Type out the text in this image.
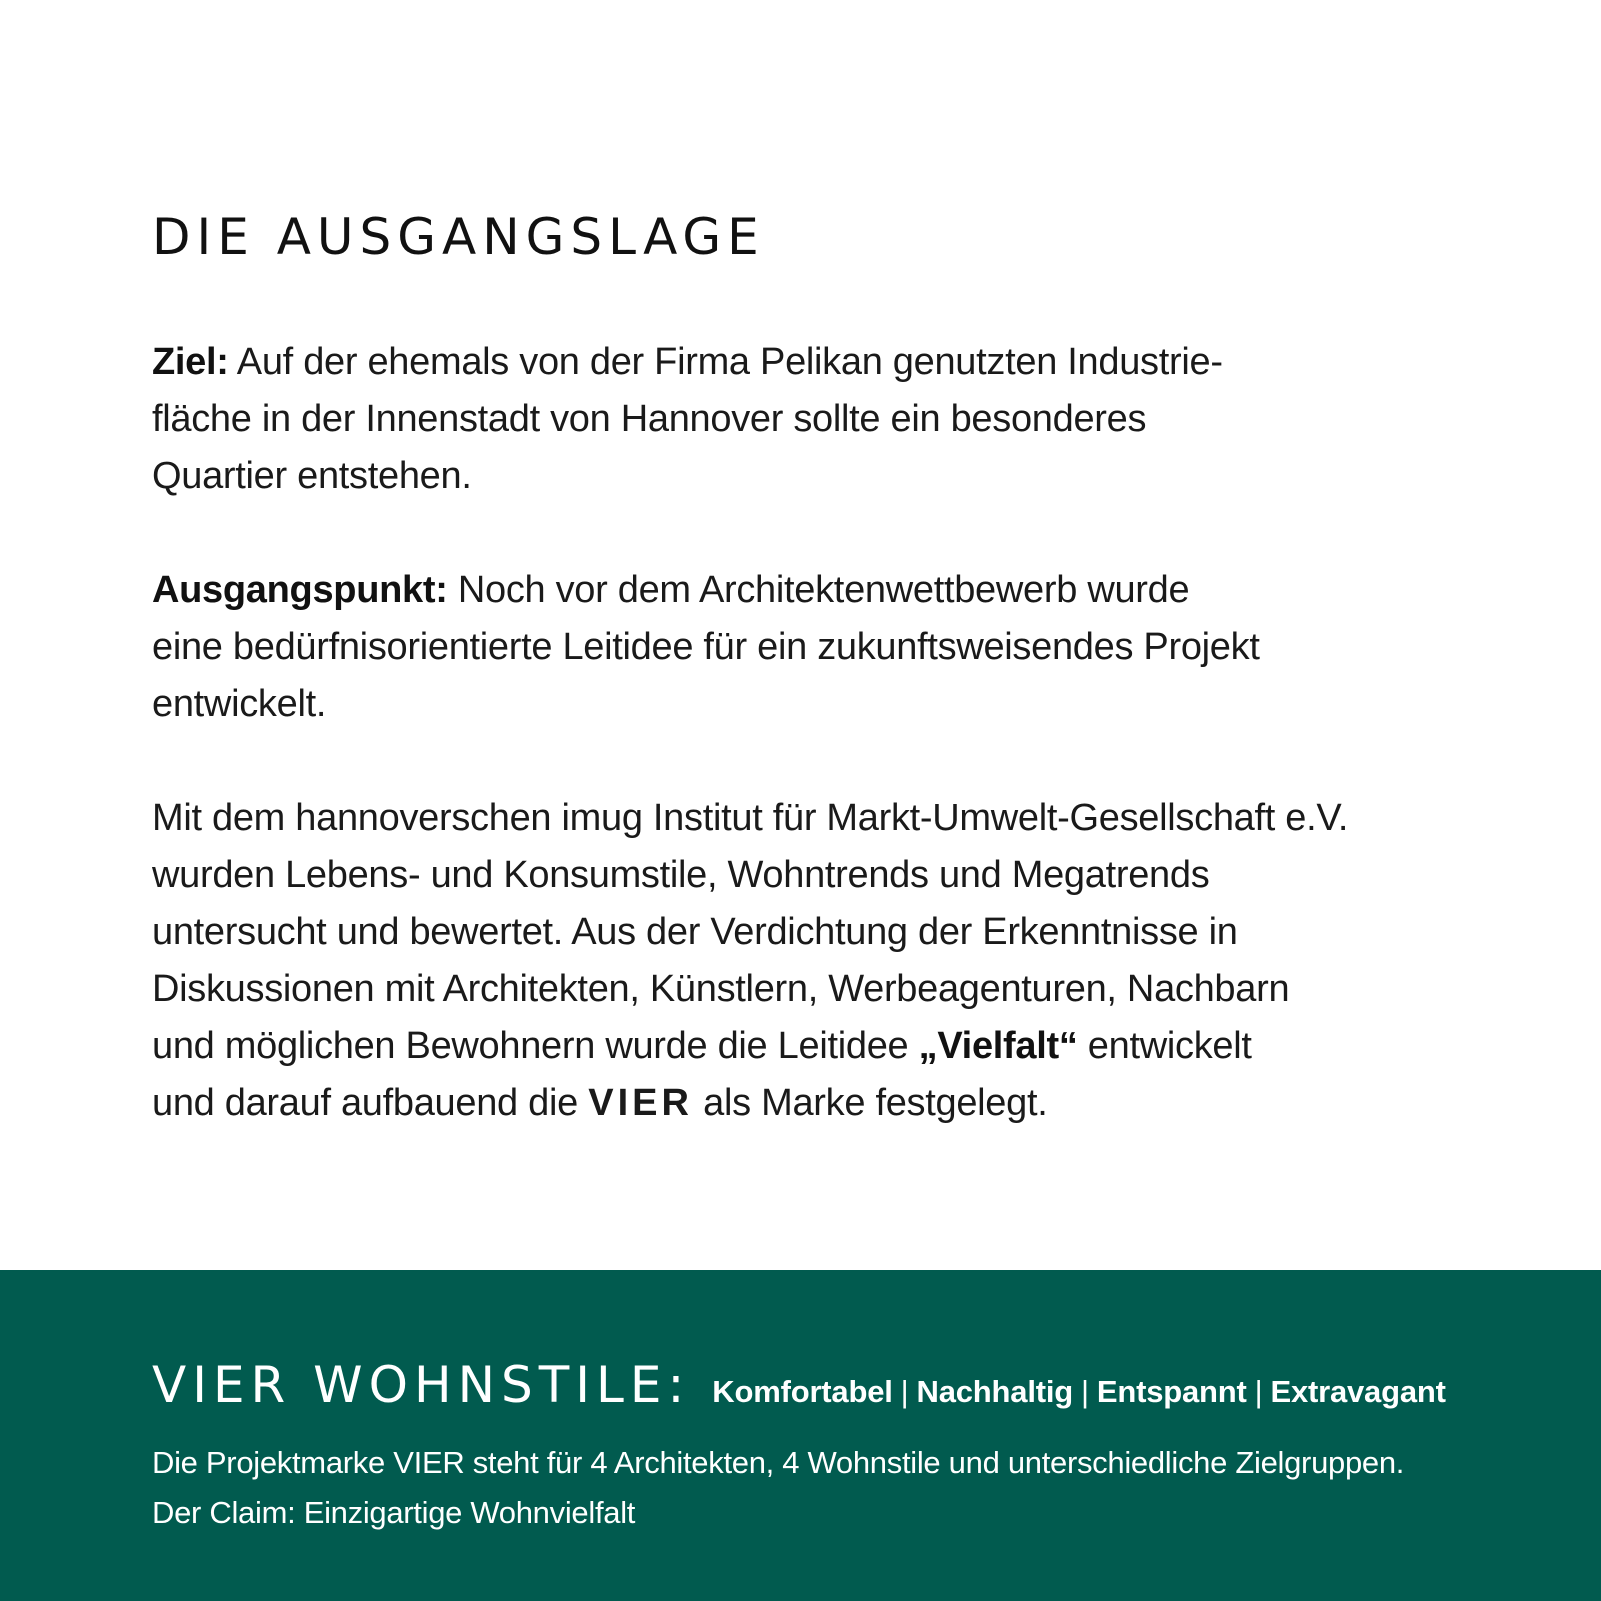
DIE AUSGANGSLAGE

Ziel: Auf der ehemals von der Firma Pelikan genutzten Industrie-
fläche in der Innenstadt von Hannover sollte ein besonderes
Quartier entstehen.

Ausgangspunkt: Noch vor dem Architektenwettbewerb wurde
eine bedürfnisorientierte Leitidee für ein zukunftsweisendes Projekt
entwickelt.

Mit dem hannoverschen imug Institut für Markt-Umwelt-Gesellschaft e.V.
wurden Lebens- und Konsumstile, Wohntrends und Megatrends
untersucht und bewertet. Aus der Verdichtung der Erkenntnisse in
Diskussionen mit Architekten, Künstlern, Werbeagenturen, Nachbarn
und möglichen Bewohnern wurde die Leitidee „Vielfalt“ entwickelt
und darauf aufbauend die VIER als Marke festgelegt.

VIER WOHNSTILE: Komfortabel | Nachhaltig | Entspannt | Extravagant
Die Projektmarke VIER steht für 4 Architekten, 4 Wohnstile und unterschiedliche Zielgruppen.
Der Claim: Einzigartige Wohnvielfalt
